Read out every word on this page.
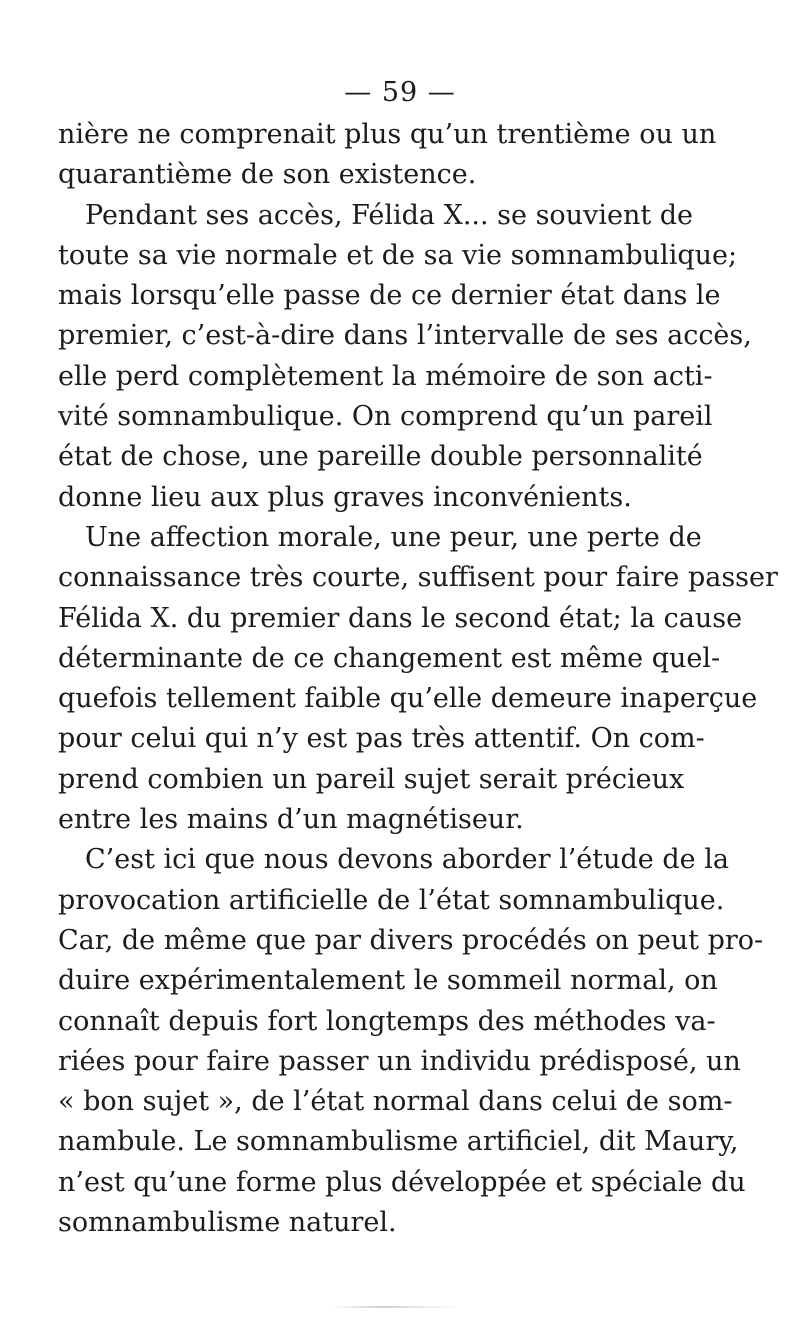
— 59 —
nière ne comprenait plus qu’un trentième ou un
quarantième de son existence.
Pendant ses accès, Félida X... se souvient de
toute sa vie normale et de sa vie somnambulique;
mais lorsqu’elle passe de ce dernier état dans le
premier, c’est-à-dire dans l’intervalle de ses accès,
elle perd complètement la mémoire de son acti-
vité somnambulique. On comprend qu’un pareil
état de chose, une pareille double personnalité
donne lieu aux plus graves inconvénients.
Une affection morale, une peur, une perte de
connaissance très courte, suffisent pour faire passer
Félida X. du premier dans le second état; la cause
déterminante de ce changement est même quel-
quefois tellement faible qu’elle demeure inaperçue
pour celui qui n’y est pas très attentif. On com-
prend combien un pareil sujet serait précieux
entre les mains d’un magnétiseur.
C’est ici que nous devons aborder l’étude de la
provocation artificielle de l’état somnambulique.
Car, de même que par divers procédés on peut pro-
duire expérimentalement le sommeil normal, on
connaît depuis fort longtemps des méthodes va-
riées pour faire passer un individu prédisposé, un
« bon sujet », de l’état normal dans celui de som-
nambule. Le somnambulisme artificiel, dit Maury,
n’est qu’une forme plus développée et spéciale du
somnambulisme naturel.
